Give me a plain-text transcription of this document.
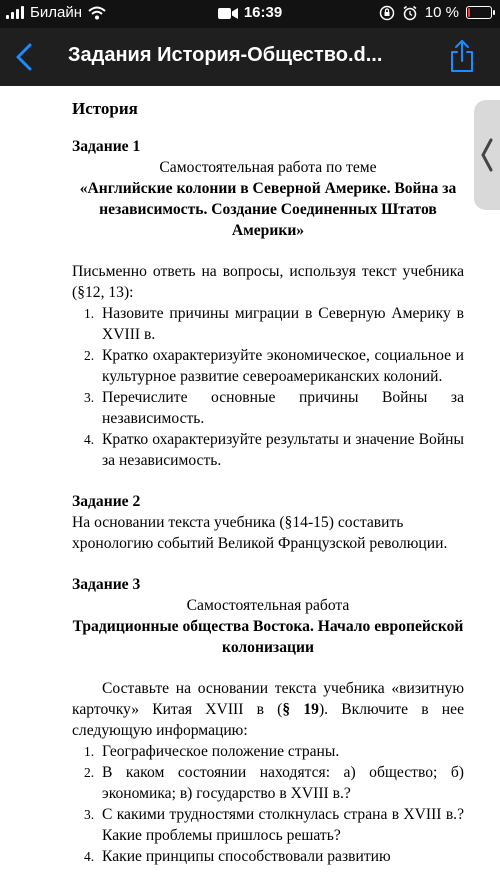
Билайн	16:39	10 %
Задания История-Общество.d...
История
Задание 1
Самостоятельная работа по теме
«Английские колонии в Северной Америке. Война за независимость. Создание Соединенных Штатов Америки»
Письменно ответь на вопросы, используя текст учебника (§12, 13):
1. Назовите причины миграции в Северную Америку в XVIII в.
2. Кратко охарактеризуйте экономическое, социальное и культурное развитие североамериканских колоний.
3. Перечислите основные причины Войны за независимость.
4. Кратко охарактеризуйте результаты и значение Войны за независимость.
Задание 2
На основании текста учебника (§14-15) составить хронологию событий Великой Французской революции.
Задание 3
Самостоятельная работа
Традиционные общества Востока. Начало европейской колонизации
Составьте на основании текста учебника «визитную карточку» Китая XVIII в (§ 19). Включите в нее следующую информацию:
1. Географическое положение страны.
2. В каком состоянии находятся: а) общество; б) экономика; в) государство в XVIII в.?
3. С какими трудностями столкнулась страна в XVIII в.? Какие проблемы пришлось решать?
4. Какие принципы способствовали развитию
